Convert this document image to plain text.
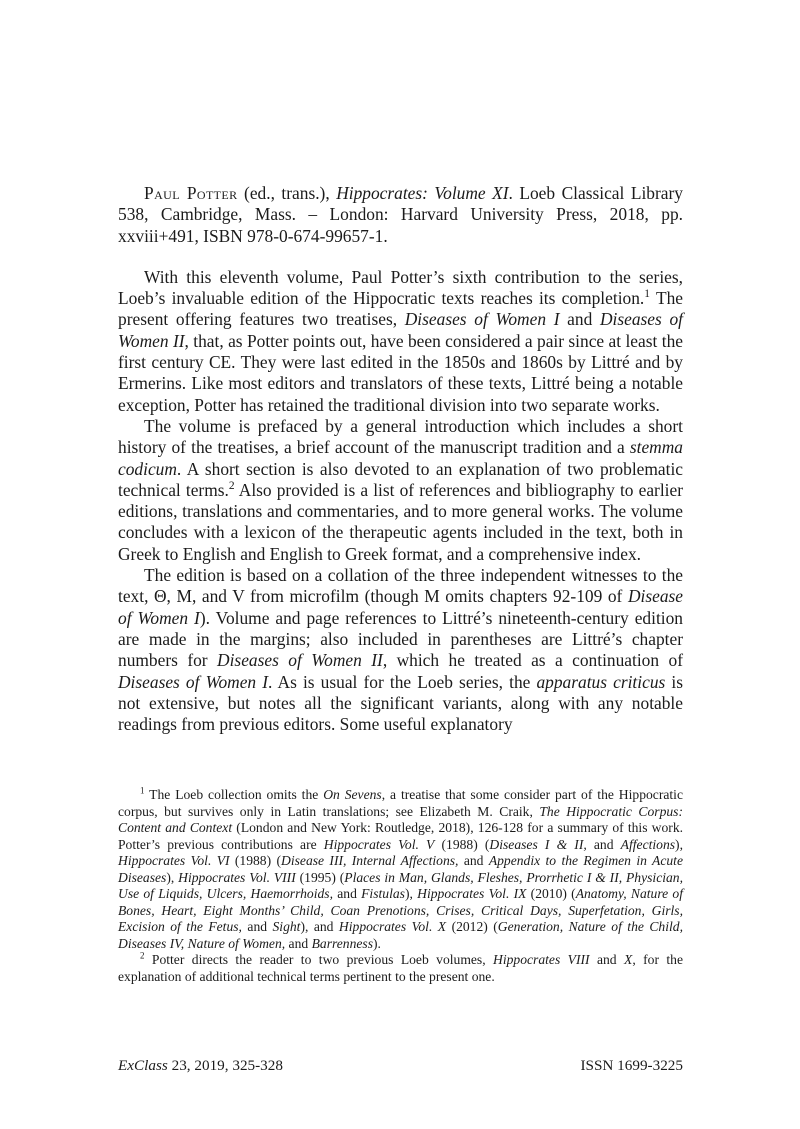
Paul Potter (ed., trans.), Hippocrates: Volume XI. Loeb Classical Library 538, Cambridge, Mass. – London: Harvard University Press, 2018, pp. xxviii+491, ISBN 978-0-674-99657-1.

With this eleventh volume, Paul Potter’s sixth contribution to the series, Loeb’s invaluable edition of the Hippocratic texts reaches its completion.$^1$ The present offering features two treatises, Diseases of Women I and Diseases of Women II, that, as Potter points out, have been considered a pair since at least the first century CE. They were last edited in the 1850s and 1860s by Littré and by Ermerins. Like most editors and translators of these texts, Littré being a notable exception, Potter has retained the traditional division into two separate works.

The volume is prefaced by a general introduction which includes a short history of the treatises, a brief account of the manuscript tradition and a stemma codicum. A short section is also devoted to an explanation of two problematic technical terms.$^2$ Also provided is a list of references and bibliography to earlier editions, translations and commentaries, and to more general works. The volume concludes with a lexicon of the therapeutic agents included in the text, both in Greek to English and English to Greek format, and a comprehensive index.

The edition is based on a collation of the three independent witnesses to the text, Θ, M, and V from microfilm (though M omits chapters 92-109 of Disease of Women I). Volume and page references to Littré’s nineteenth-century edition are made in the margins; also included in parentheses are Littré’s chapter numbers for Diseases of Women II, which he treated as a continuation of Diseases of Women I. As is usual for the Loeb series, the apparatus criticus is not extensive, but notes all the significant variants, along with any notable readings from previous editors. Some useful explanatory

$^1$ The Loeb collection omits the On Sevens, a treatise that some consider part of the Hippocratic corpus, but survives only in Latin translations; see Elizabeth M. Craik, The Hippocratic Corpus: Content and Context (London and New York: Routledge, 2018), 126-128 for a summary of this work. Potter’s previous contributions are Hippocrates Vol. V (1988) (Diseases I & II, and Affections), Hippocrates Vol. VI (1988) (Disease III, Internal Affections, and Appendix to the Regimen in Acute Diseases), Hippocrates Vol. VIII (1995) (Places in Man, Glands, Fleshes, Prorrhetic I & II, Physician, Use of Liquids, Ulcers, Haemorrhoids, and Fistulas), Hippocrates Vol. IX (2010) (Anatomy, Nature of Bones, Heart, Eight Months’ Child, Coan Prenotions, Crises, Critical Days, Superfetation, Girls, Excision of the Fetus, and Sight), and Hippocrates Vol. X (2012) (Generation, Nature of the Child, Diseases IV, Nature of Women, and Barrenness).

$^2$ Potter directs the reader to two previous Loeb volumes, Hippocrates VIII and X, for the explanation of additional technical terms pertinent to the present one.

ExClass 23, 2019, 325-328	ISSN 1699-3225
